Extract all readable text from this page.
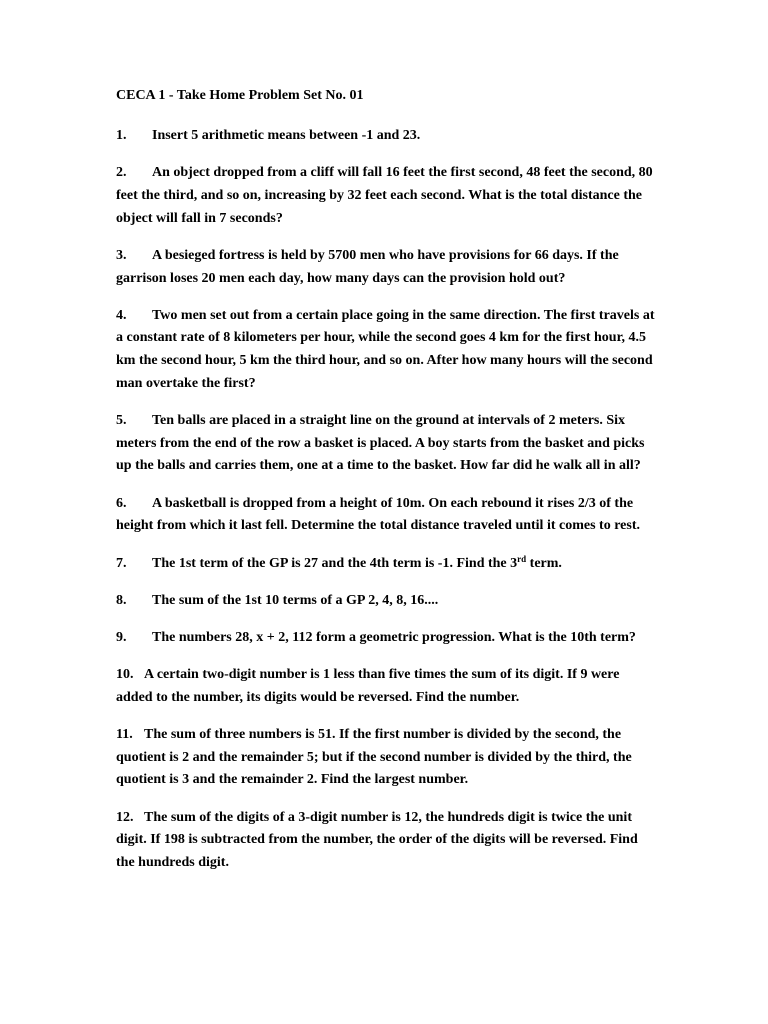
CECA 1 - Take Home Problem Set No. 01
1. Insert 5 arithmetic means between -1 and 23.
2. An object dropped from a cliff will fall 16 feet the first second, 48 feet the second, 80 feet the third, and so on, increasing by 32 feet each second. What is the total distance the object will fall in 7 seconds?
3. A besieged fortress is held by 5700 men who have provisions for 66 days. If the garrison loses 20 men each day, how many days can the provision hold out?
4. Two men set out from a certain place going in the same direction. The first travels at a constant rate of 8 kilometers per hour, while the second goes 4 km for the first hour, 4.5 km the second hour, 5 km the third hour, and so on. After how many hours will the second man overtake the first?
5. Ten balls are placed in a straight line on the ground at intervals of 2 meters. Six meters from the end of the row a basket is placed. A boy starts from the basket and picks up the balls and carries them, one at a time to the basket. How far did he walk all in all?
6. A basketball is dropped from a height of 10m. On each rebound it rises 2/3 of the height from which it last fell. Determine the total distance traveled until it comes to rest.
7. The 1st term of the GP is 27 and the 4th term is -1. Find the 3rd term.
8. The sum of the 1st 10 terms of a GP 2, 4, 8, 16....
9. The numbers 28, x + 2, 112 form a geometric progression. What is the 10th term?
10. A certain two-digit number is 1 less than five times the sum of its digit. If 9 were added to the number, its digits would be reversed. Find the number.
11. The sum of three numbers is 51. If the first number is divided by the second, the quotient is 2 and the remainder 5; but if the second number is divided by the third, the quotient is 3 and the remainder 2. Find the largest number.
12. The sum of the digits of a 3-digit number is 12, the hundreds digit is twice the unit digit. If 198 is subtracted from the number, the order of the digits will be reversed. Find the hundreds digit.
